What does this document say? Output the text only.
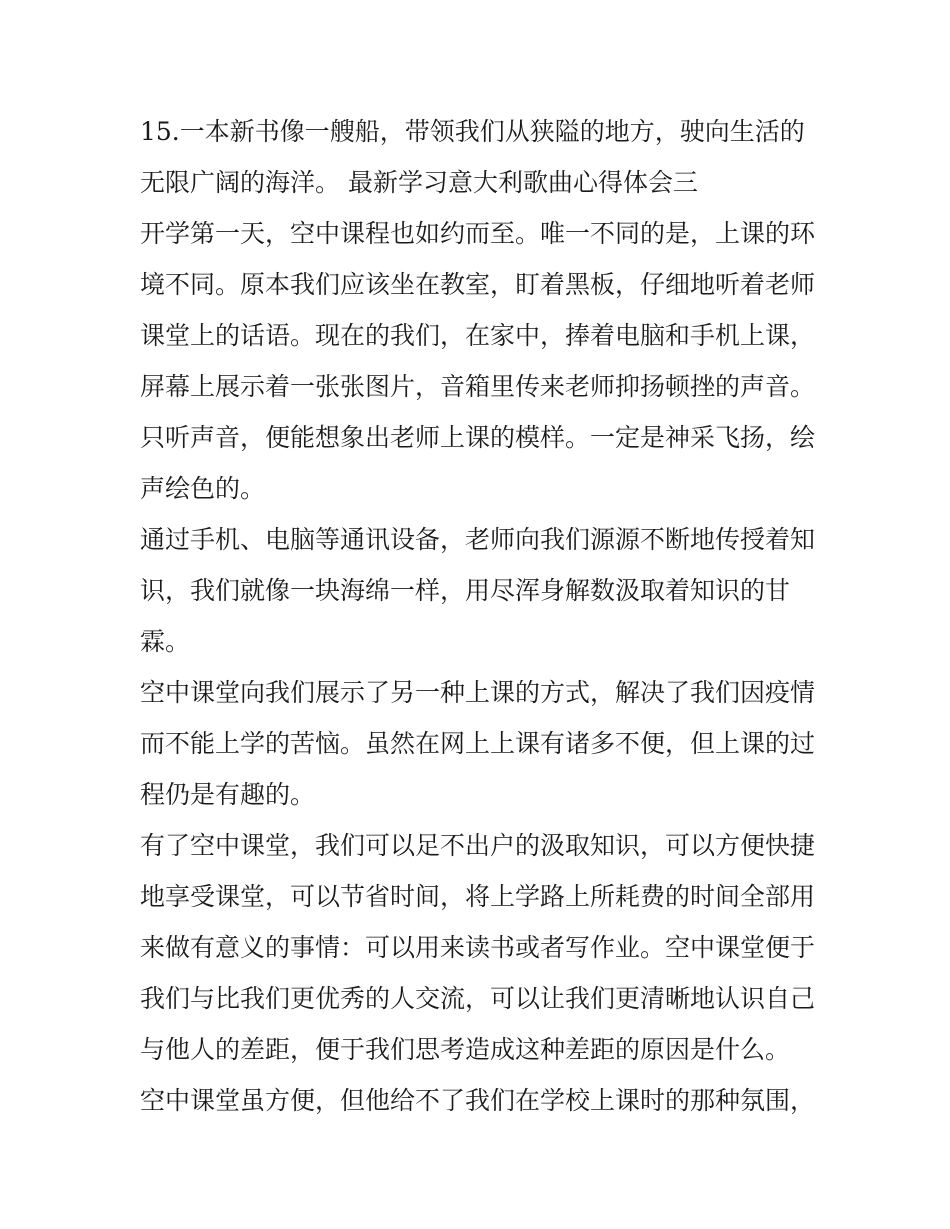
15.一本新书像一艘船，带领我们从狭隘的地方，驶向生活的
无限广阔的海洋。 最新学习意大利歌曲心得体会三
开学第一天，空中课程也如约而至。唯一不同的是，上课的环
境不同。原本我们应该坐在教室，盯着黑板，仔细地听着老师
课堂上的话语。现在的我们，在家中，捧着电脑和手机上课，
屏幕上展示着一张张图片，音箱里传来老师抑扬顿挫的声音。
只听声音，便能想象出老师上课的模样。一定是神采飞扬，绘
声绘色的。
通过手机、电脑等通讯设备，老师向我们源源不断地传授着知
识，我们就像一块海绵一样，用尽浑身解数汲取着知识的甘
霖。
空中课堂向我们展示了另一种上课的方式，解决了我们因疫情
而不能上学的苦恼。虽然在网上上课有诸多不便，但上课的过
程仍是有趣的。
有了空中课堂，我们可以足不出户的汲取知识，可以方便快捷
地享受课堂，可以节省时间，将上学路上所耗费的时间全部用
来做有意义的事情：可以用来读书或者写作业。空中课堂便于
我们与比我们更优秀的人交流，可以让我们更清晰地认识自己
与他人的差距，便于我们思考造成这种差距的原因是什么。
空中课堂虽方便，但他给不了我们在学校上课时的那种氛围，
